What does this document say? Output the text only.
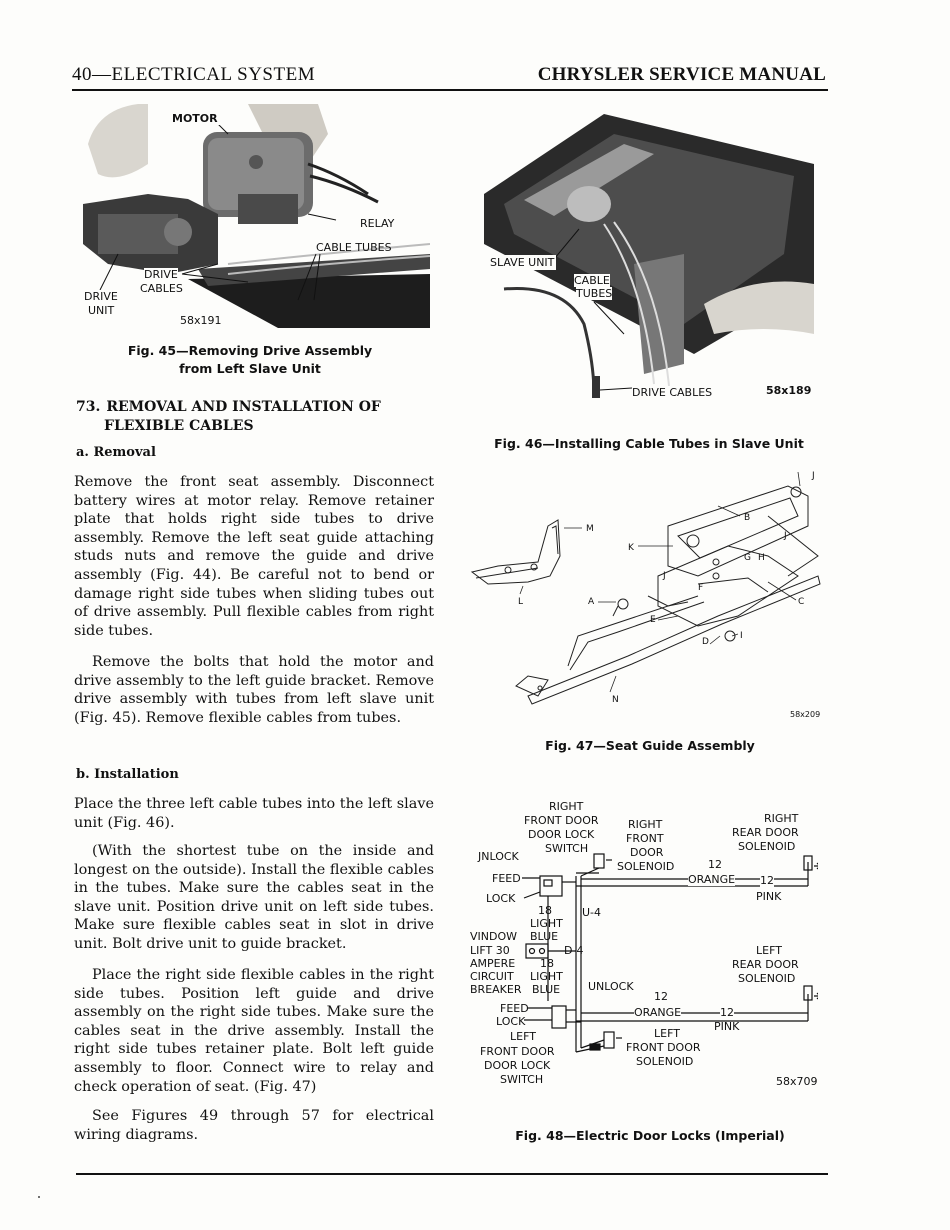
40—ELECTRICAL SYSTEM	CHRYSLER SERVICE MANUAL
MOTOR
RELAY
CABLE TUBES
DRIVE
CABLES
DRIVE
UNIT
58x191
Fig. 45—Removing Drive Assembly
from Left Slave Unit
SLAVE UNIT
CABLE
TUBES
DRIVE CABLES	58x189
Fig. 46—Installing Cable Tubes in Slave Unit
M
K
B
J
J
J
G H
F
C
A
E
D
I
L
N
58x209
Fig. 47—Seat Guide Assembly
RIGHT
FRONT DOOR
DOOR LOCK
SWITCH
RIGHT
FRONT
DOOR
SOLENOID
RIGHT
REAR DOOR
SOLENOID
JNLOCK
FEED
LOCK
12
ORANGE 12
PINK
18
LIGHT
BLUE
U-4
VINDOW
LIFT 30
AMPERE
CIRCUIT
BREAKER
18
LIGHT
BLUE
D-4	LEFT
REAR DOOR
SOLENOID
UNLOCK
12
FEED	ORANGE	12
LOCK	PINK
LEFT
FRONT DOOR
DOOR LOCK
SWITCH
LEFT
FRONT DOOR
SOLENOID
58x709
Fig. 48—Electric Door Locks (Imperial)
73. REMOVAL AND INSTALLATION OF
FLEXIBLE CABLES
a. Removal

Remove the front seat assembly. Disconnect battery wires at motor relay. Remove retainer plate that holds right side tubes to drive assembly. Remove the left seat guide attaching studs nuts and remove the guide and drive assembly (Fig. 44). Be careful not to bend or damage right side tubes when sliding tubes out of drive assembly. Pull flexible cables from right side tubes.

Remove the bolts that hold the motor and drive assembly to the left guide bracket. Remove drive assembly with tubes from left slave unit (Fig. 45). Remove flexible cables from tubes.

b. Installation

Place the three left cable tubes into the left slave unit (Fig. 46).

(With the shortest tube on the inside and longest on the outside). Install the flexible cables in the tubes. Make sure the cables seat in the slave unit. Position drive unit on left side tubes. Make sure flexible cables seat in slot in drive unit. Bolt drive unit to guide bracket.

Place the right side flexible cables in the right side tubes. Position left guide and drive assembly on the right side tubes. Make sure the cables seat in the drive assembly. Install the right side tubes retainer plate. Bolt left guide assembly to floor. Connect wire to relay and check operation of seat. (Fig. 47)

See Figures 49 through 57 for electrical wiring diagrams.
